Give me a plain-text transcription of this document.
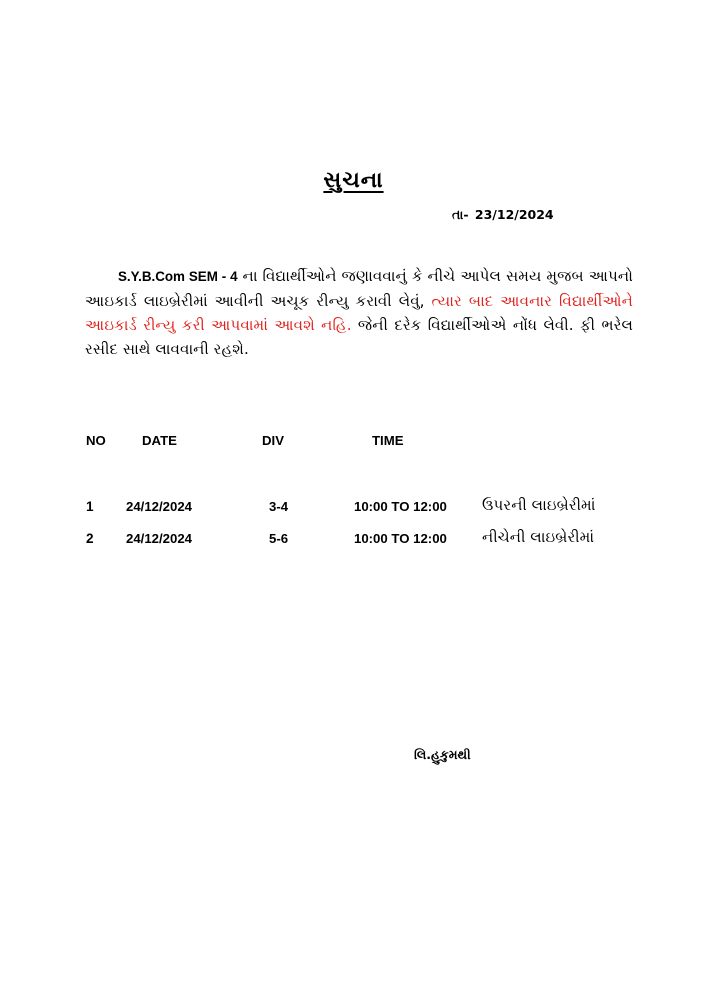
સુચના
તા- 23/12/2024
S.Y.B.Com SEM - 4 ના વિદ્યાર્થીઓને જણાવવાનું કે નીચે આપેલ સમય મુજબ આપનો આઇકાર્ડ લાઇબ્રેરીમાં આવીની અચૂક રીન્યુ કરાવી લેવું, ત્યાર બાદ આવનાર વિદ્યાર્થીઓને આઇકાર્ડ રીન્યુ કરી આપવામાં આવશે નહિ. જેની દરેક વિદ્યાર્થીઓએ નોંધ લેવી. ફી ભરેલ રસીદ સાથે લાવવાની રહશે.
NO	DATE	DIV	TIME
1 24/12/2024	3-4	10:00 TO 12:00 ઉપરની લાઇબ્રેરીમાં
2 24/12/2024	5-6	10:00 TO 12:00 નીચેની લાઇબ્રેરીમાં
લિ.હુકુમથી
